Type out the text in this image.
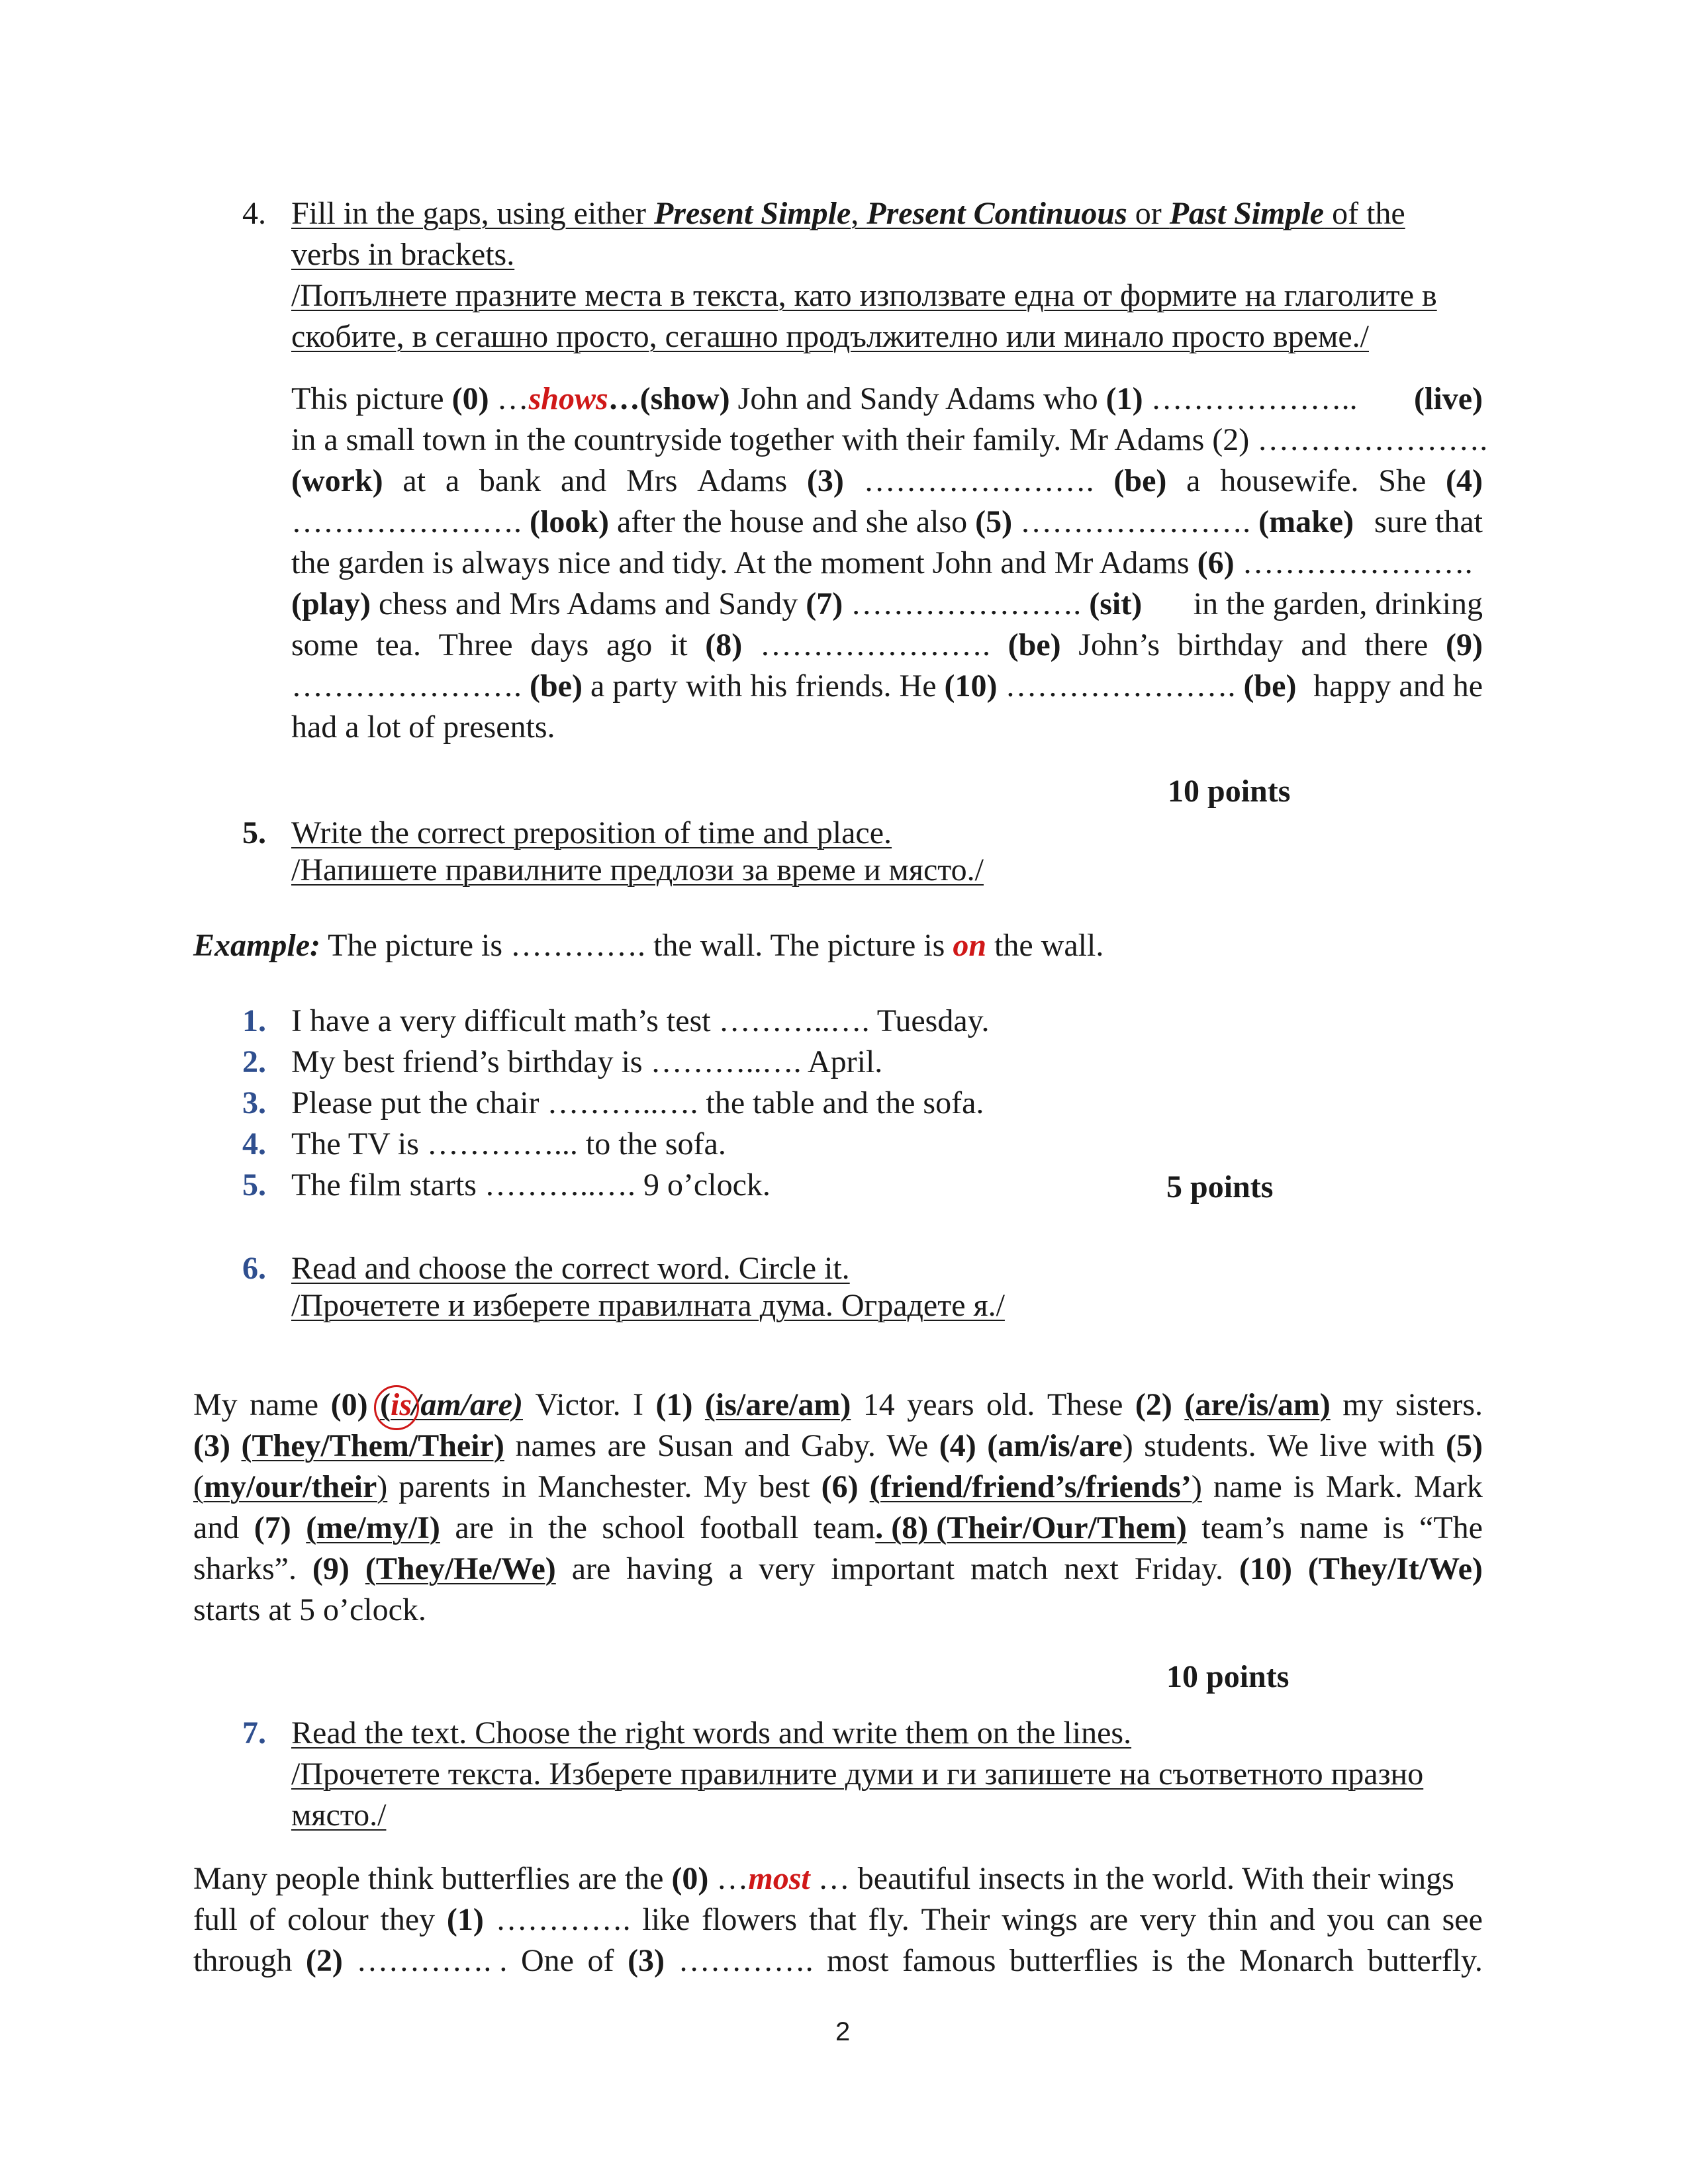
4. Fill in the gaps, using either Present Simple, Present Continuous or Past Simple of the
verbs in brackets.
/Попълнете празните места в текста, като използвате една от формите на глаголите в
скобите, в сегашно просто, сегашно продължително или минало просто време./
This picture (0) …shows…(show) John and Sandy Adams who (1) ……………….. (live)
in a small town in the countryside together with their family. Mr Adams (2) ………………….
(work) at a bank and Mrs Adams (3) …………………. (be) a housewife. She (4)
…………………. (look) after the house and she also (5) …………………. (make) sure that
the garden is always nice and tidy. At the moment John and Mr Adams (6) ………………….
(play) chess and Mrs Adams and Sandy (7) …………………. (sit) in the garden, drinking
some tea. Three days ago it (8) …………………. (be) John’s birthday and there (9)
…………………. (be) a party with his friends. He (10) …………………. (be) happy and he
had a lot of presents.
10 points
5. Write the correct preposition of time and place.
/Напишете правилните предлози за време и място./
Example: The picture is …………. the wall. The picture is on the wall.
1. I have a very difficult math’s test ………..…. Tuesday.
2. My best friend’s birthday is ………..…. April.
3. Please put the chair ………..…. the table and the sofa.
4. The TV is …………... to the sofa.
5. The film starts ………..…. 9 o’clock.	5 points
6. Read and choose the correct word. Circle it.
/Прочетете и изберете правилната дума. Оградете я./
My name (0) (is/am/are) Victor. I (1) (is/are/am) 14 years old. These (2) (are/is/am) my sisters.
(3) (They/Them/Their) names are Susan and Gaby. We (4) (am/is/are) students. We live with (5)
(my/our/their) parents in Manchester. My best (6) (friend/friend’s/friends’) name is Mark. Mark
and (7) (me/my/I) are in the school football team. (8) (Their/Our/Them) team’s name is “The
sharks”. (9) (They/He/We) are having a very important match next Friday. (10) (They/It/We)
starts at 5 o’clock.
10 points
7. Read the text. Choose the right words and write them on the lines.
/Прочетете текста. Изберете правилните думи и ги запишете на съответното празно
място./
Many people think butterflies are the (0) …most … beautiful insects in the world. With their wings
full of colour they (1) …………. like flowers that fly. Their wings are very thin and you can see
through (2) …………. . One of (3) …………. most famous butterflies is the Monarch butterfly.
2
